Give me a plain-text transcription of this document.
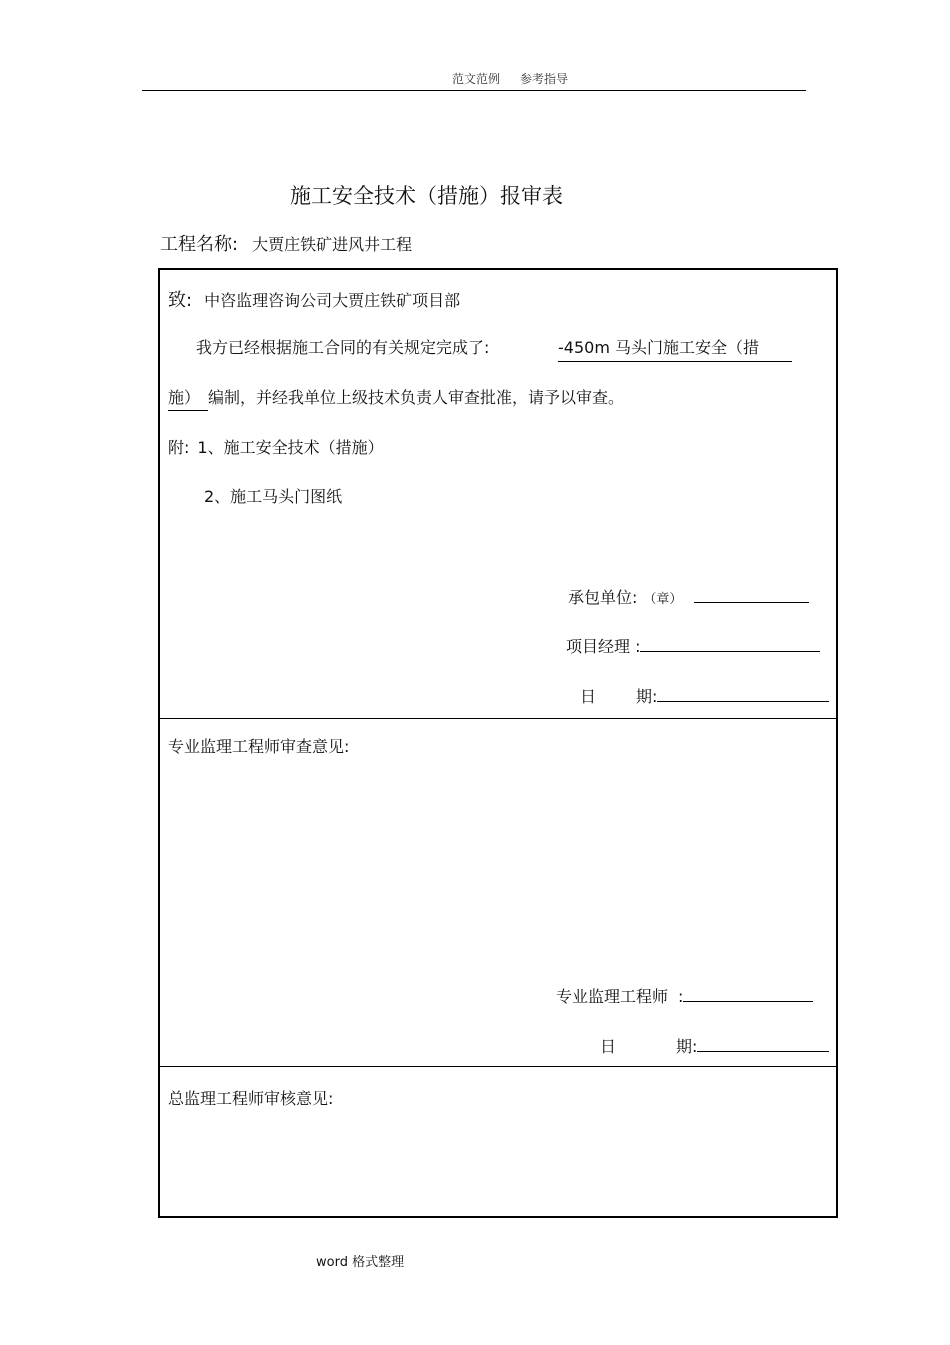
范文范例 参考指导
施工安全技术（措施）报审表
工程名称: 大贾庄铁矿进风井工程
致: 中咨监理咨询公司大贾庄铁矿项目部
我方已经根据施工合同的有关规定完成了:	-450m 马头门施工安全（措
施） 编制，并经我单位上级技术负责人审查批准，请予以审查。
附: 1、施工安全技术（措施）
2、施工马头门图纸
承包单位: （章）
项目经理 :
日	期:
专业监理工程师审查意见:
专业监理工程师 :
日	期:
总监理工程师审核意见:
word 格式整理
